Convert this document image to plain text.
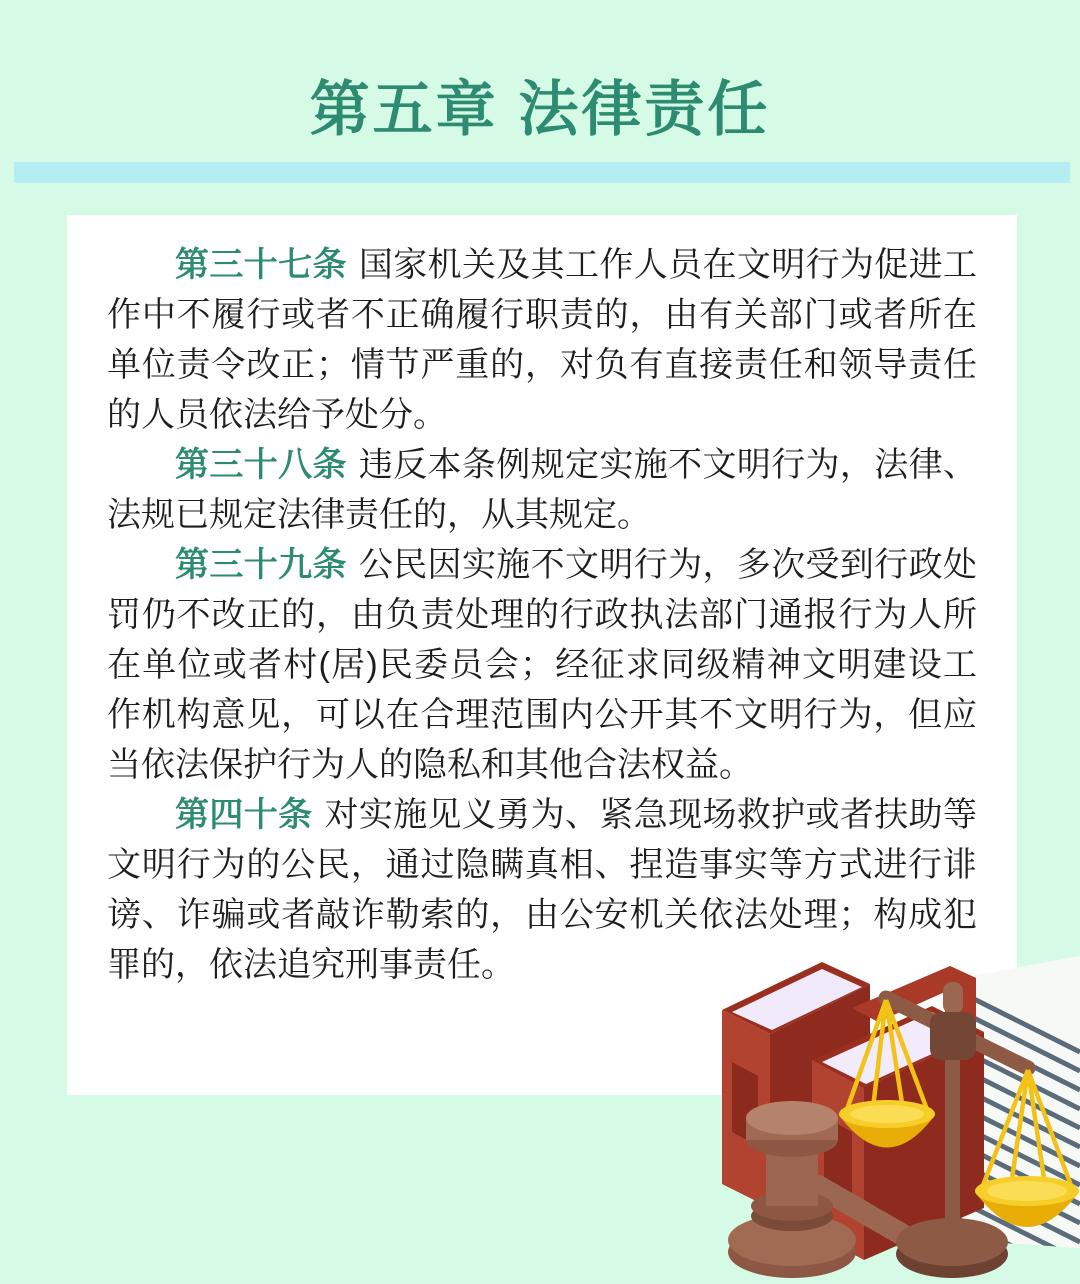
第五章 法律责任

第三十七条 国家机关及其工作人员在文明行为促进工作中不履行或者不正确履行职责的，由有关部门或者所在单位责令改正；情节严重的，对负有直接责任和领导责任的人员依法给予处分。

第三十八条 违反本条例规定实施不文明行为，法律、法规已规定法律责任的，从其规定。

第三十九条 公民因实施不文明行为，多次受到行政处罚仍不改正的，由负责处理的行政执法部门通报行为人所在单位或者村(居)民委员会；经征求同级精神文明建设工作机构意见，可以在合理范围内公开其不文明行为，但应当依法保护行为人的隐私和其他合法权益。

第四十条 对实施见义勇为、紧急现场救护或者扶助等文明行为的公民，通过隐瞒真相、捏造事实等方式进行诽谤、诈骗或者敲诈勒索的，由公安机关依法处理；构成犯罪的，依法追究刑事责任。
